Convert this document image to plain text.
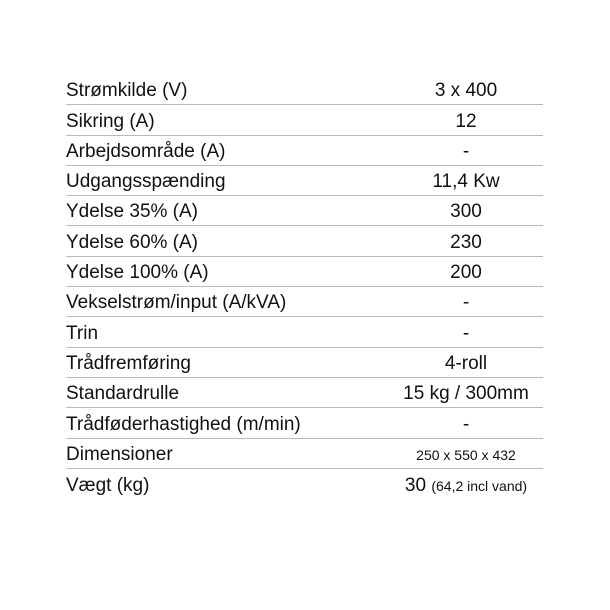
Strømkilde (V)	3 x 400
Sikring (A)	12
Arbejdsområde (A)	-
Udgangsspænding	11,4 Kw
Ydelse 35% (A)	300
Ydelse 60% (A)	230
Ydelse 100% (A)	200
Vekselstrøm/input (A/kVA)	-
Trin	-
Trådfremføring	4-roll
Standardrulle	15 kg / 300mm
Trådføderhastighed (m/min)	-
Dimensioner	250 x 550 x 432
Vægt (kg)	30 (64,2 incl vand)
